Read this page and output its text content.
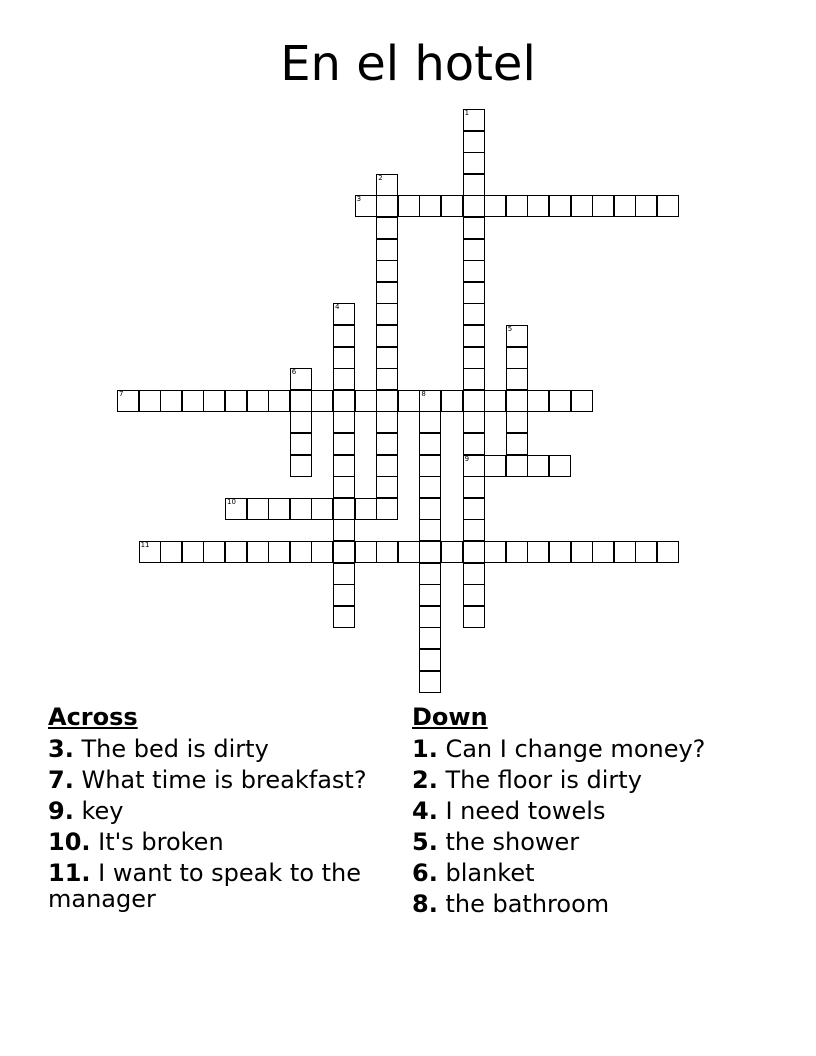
En el hotel
1
9
2
3
4
5
6
7	8
10
11
Across
3. The bed is dirty
7. What time is breakfast?
9. key
10. It's broken
11. I want to speak to the manager
Down
1. Can I change money?
2. The floor is dirty
4. I need towels
5. the shower
6. blanket
8. the bathroom
